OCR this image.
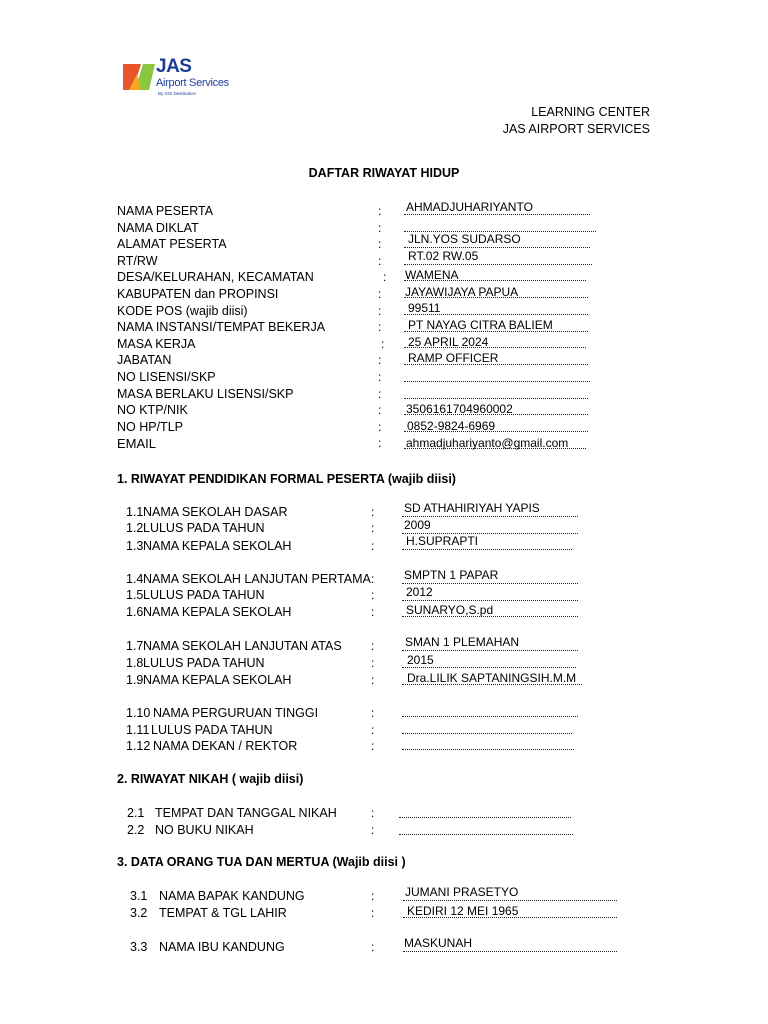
JAS
Airport Services
By GIS Destination
LEARNING CENTER
JAS AIRPORT SERVICES
DAFTAR RIWAYAT HIDUP
NAMA PESERTA	: AHMADJUHARIYANTO
NAMA DIKLAT	:
ALAMAT PESERTA	: JLN.YOS SUDARSO
RT/RW	: RT.02 RW.05
DESA/KELURAHAN, KECAMATAN	: WAMENA
KABUPATEN dan PROPINSI	: JAYAWIJAYA PAPUA
KODE POS (wajib diisi)	: 99511
NAMA INSTANSI/TEMPAT BEKERJA	: PT NAYAG CITRA BALIEM
MASA KERJA	: 25 APRIL 2024
JABATAN	: RAMP OFFICER
NO LISENSI/SKP	:
MASA BERLAKU LISENSI/SKP	:
NO KTP/NIK	: 3506161704960002
NO HP/TLP	: 0852-9824-6969
EMAIL	: ahmadjuhariyanto@gmail.com
1. RIWAYAT PENDIDIKAN FORMAL PESERTA (wajib diisi)
1.1 NAMA SEKOLAH DASAR	: SD ATHAHIRIYAH YAPIS
1.2 LULUS PADA TAHUN	: 2009
1.3 NAMA KEPALA SEKOLAH	:	H.SUPRAPTI
1.4 NAMA SEKOLAH LANJUTAN PERTAMA : SMPTN 1 PAPAR
1.5 LULUS PADA TAHUN	:	2012
1.6 NAMA KEPALA SEKOLAH	:	SUNARYO,S.pd
1.7 NAMA SEKOLAH LANJUTAN ATAS :	SMAN 1 PLEMAHAN
1.8 LULUS PADA TAHUN	:	2015
1.9 NAMA KEPALA SEKOLAH	:	Dra.LILIK SAPTANINGSIH.M.M
1.10 NAMA PERGURUAN TINGGI	:
1.11 LULUS PADA TAHUN	:
1.12 NAMA DEKAN / REKTOR	:
2. RIWAYAT NIKAH ( wajib diisi)
2.1 TEMPAT DAN TANGGAL NIKAH	:
2.2 NO BUKU NIKAH	:
3. DATA ORANG TUA DAN MERTUA (Wajib diisi )
3.1 NAMA BAPAK KANDUNG	:	JUMANI PRASETYO
3.2 TEMPAT & TGL LAHIR	:	KEDIRI 12 MEI 1965
3.3 NAMA IBU KANDUNG	: MASKUNAH
